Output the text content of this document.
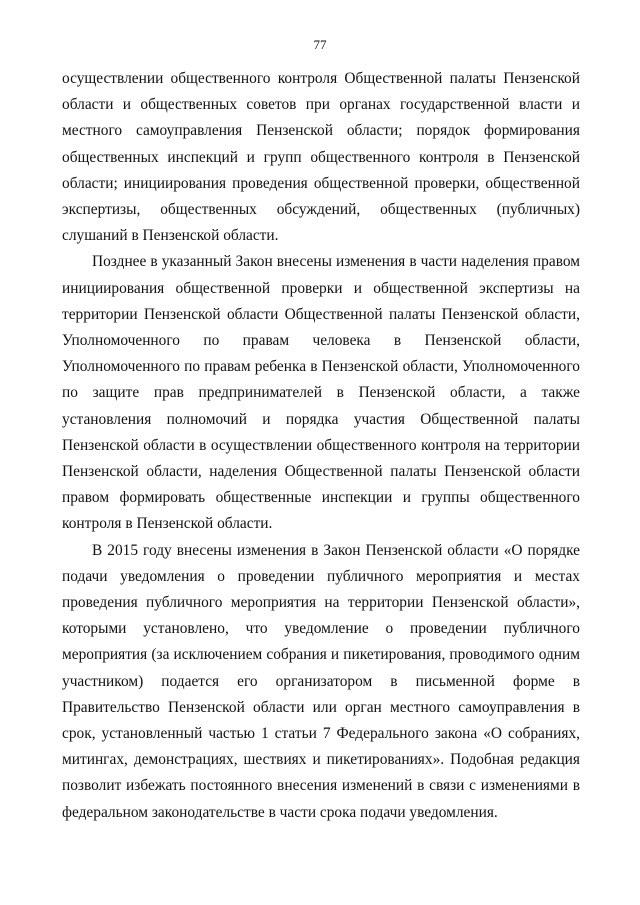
77

осуществлении общественного контроля Общественной палаты Пензенской области и общественных советов при органах государственной власти и местного самоуправления Пензенской области; порядок формирования общественных инспекций и групп общественного контроля в Пензенской области; инициирования проведения общественной проверки, общественной экспертизы, общественных обсуждений, общественных (публичных) слушаний в Пензенской области.

Позднее в указанный Закон внесены изменения в части наделения правом инициирования общественной проверки и общественной экспертизы на территории Пензенской области Общественной палаты Пензенской области, Уполномоченного по правам человека в Пензенской области, Уполномоченного по правам ребенка в Пензенской области, Уполномоченного по защите прав предпринимателей в Пензенской области, а также установления полномочий и порядка участия Общественной палаты Пензенской области в осуществлении общественного контроля на территории Пензенской области, наделения Общественной палаты Пензенской области правом формировать общественные инспекции и группы общественного контроля в Пензенской области.

В 2015 году внесены изменения в Закон Пензенской области «О порядке подачи уведомления о проведении публичного мероприятия и местах проведения публичного мероприятия на территории Пензенской области», которыми установлено, что уведомление о проведении публичного мероприятия (за исключением собрания и пикетирования, проводимого одним участником) подается его организатором в письменной форме в Правительство Пензенской области или орган местного самоуправления в срок, установленный частью 1 статьи 7 Федерального закона «О собраниях, митингах, демонстрациях, шествиях и пикетированиях». Подобная редакция позволит избежать постоянного внесения изменений в связи с изменениями в федеральном законодательстве в части срока подачи уведомления.
